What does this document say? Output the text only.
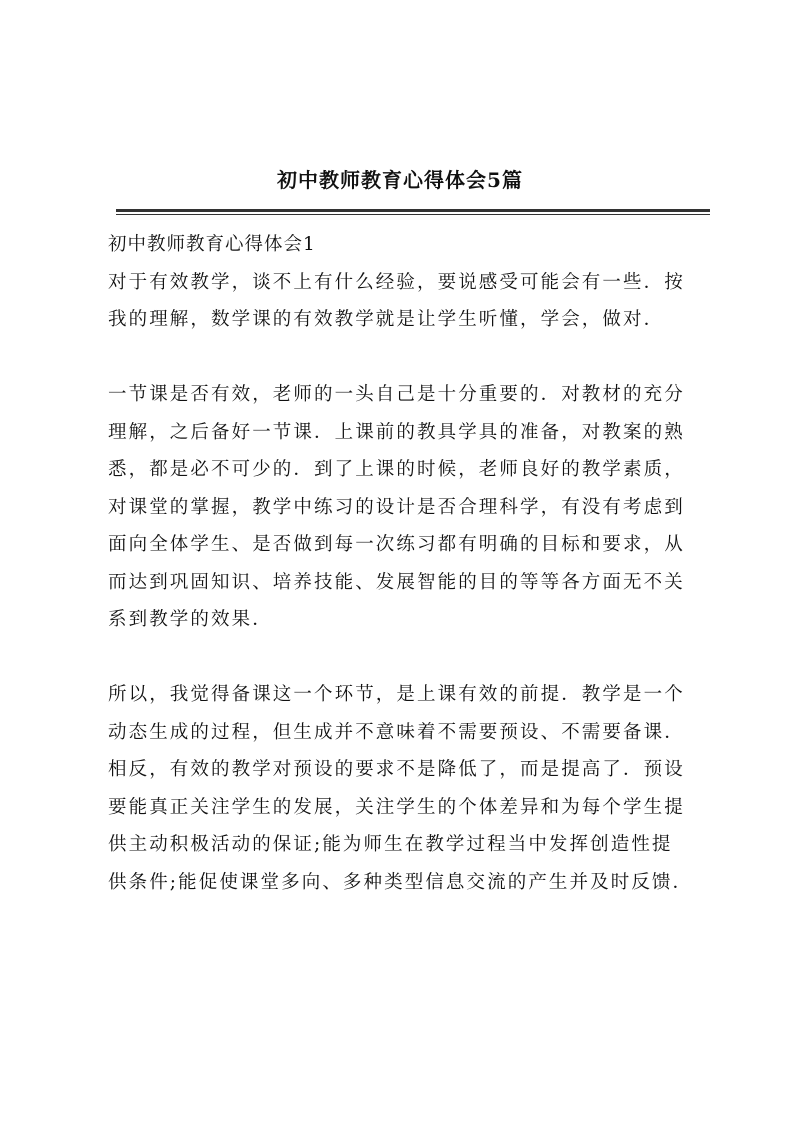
初中教师教育心得体会5篇
初中教师教育心得体会1
对于有效教学，谈不上有什么经验，要说感受可能会有一些．按
我的理解，数学课的有效教学就是让学生听懂，学会，做对．
一节课是否有效，老师的一头自己是十分重要的．对教材的充分
理解，之后备好一节课．上课前的教具学具的准备，对教案的熟
悉，都是必不可少的．到了上课的时候，老师良好的教学素质，
对课堂的掌握，教学中练习的设计是否合理科学，有没有考虑到
面向全体学生、是否做到每一次练习都有明确的目标和要求，从
而达到巩固知识、培养技能、发展智能的目的等等各方面无不关
系到教学的效果．
所以，我觉得备课这一个环节，是上课有效的前提．教学是一个
动态生成的过程，但生成并不意味着不需要预设、不需要备课．
相反，有效的教学对预设的要求不是降低了，而是提高了．预设
要能真正关注学生的发展，关注学生的个体差异和为每个学生提
供主动积极活动的保证;能为师生在教学过程当中发挥创造性提
供条件;能促使课堂多向、多种类型信息交流的产生并及时反馈．
